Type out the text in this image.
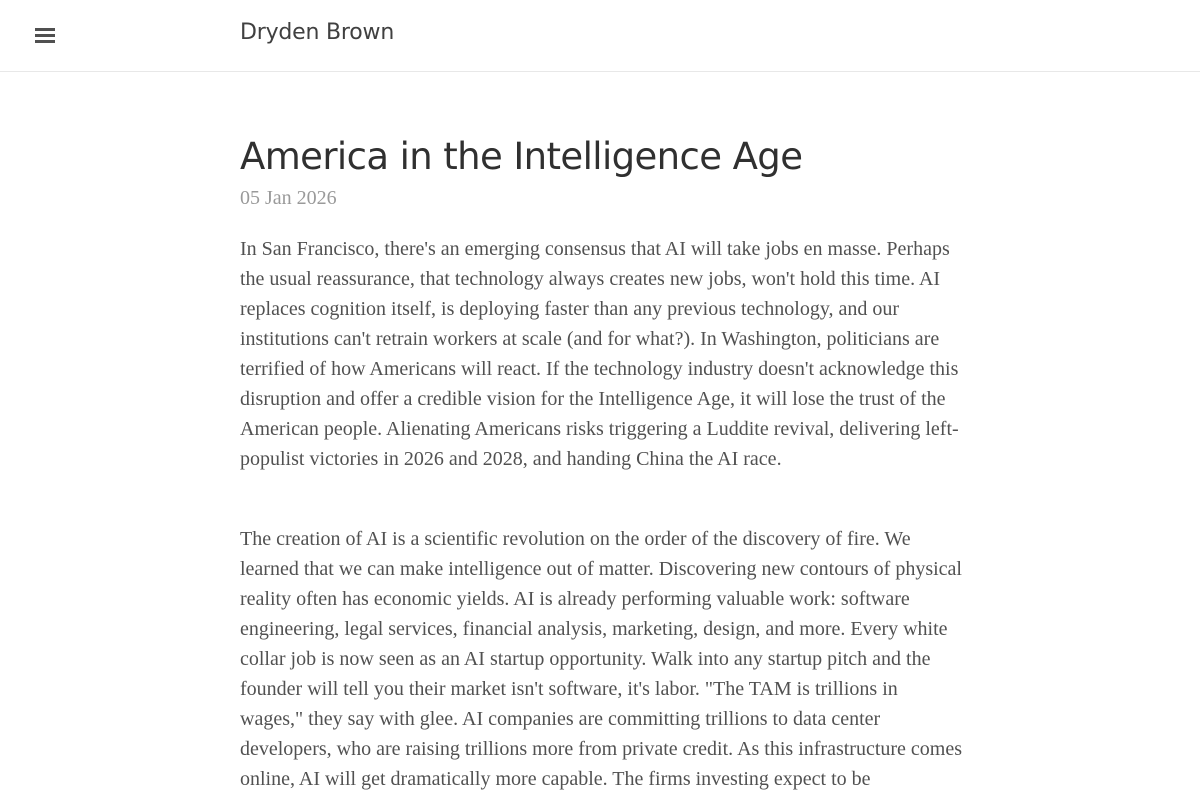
Dryden Brown
America in the Intelligence Age
05 Jan 2026

In San Francisco, there's an emerging consensus that AI will take jobs en masse. Perhaps the usual reassurance, that technology always creates new jobs, won't hold this time. AI replaces cognition itself, is deploying faster than any previous technology, and our institutions can't retrain workers at scale (and for what?). In Washington, politicians are terrified of how Americans will react. If the technology industry doesn't acknowledge this disruption and offer a credible vision for the Intelligence Age, it will lose the trust of the American people. Alienating Americans risks triggering a Luddite revival, delivering left-populist victories in 2026 and 2028, and handing China the AI race.

The creation of AI is a scientific revolution on the order of the discovery of fire. We learned that we can make intelligence out of matter. Discovering new contours of physical reality often has economic yields. AI is already performing valuable work: software engineering, legal services, financial analysis, marketing, design, and more. Every white collar job is now seen as an AI startup opportunity. Walk into any startup pitch and the founder will tell you their market isn't software, it's labor. "The TAM is trillions in wages," they say with glee. AI companies are committing trillions to data center developers, who are raising trillions more from private credit. As this infrastructure comes online, AI will get dramatically more capable. The firms investing expect to be
